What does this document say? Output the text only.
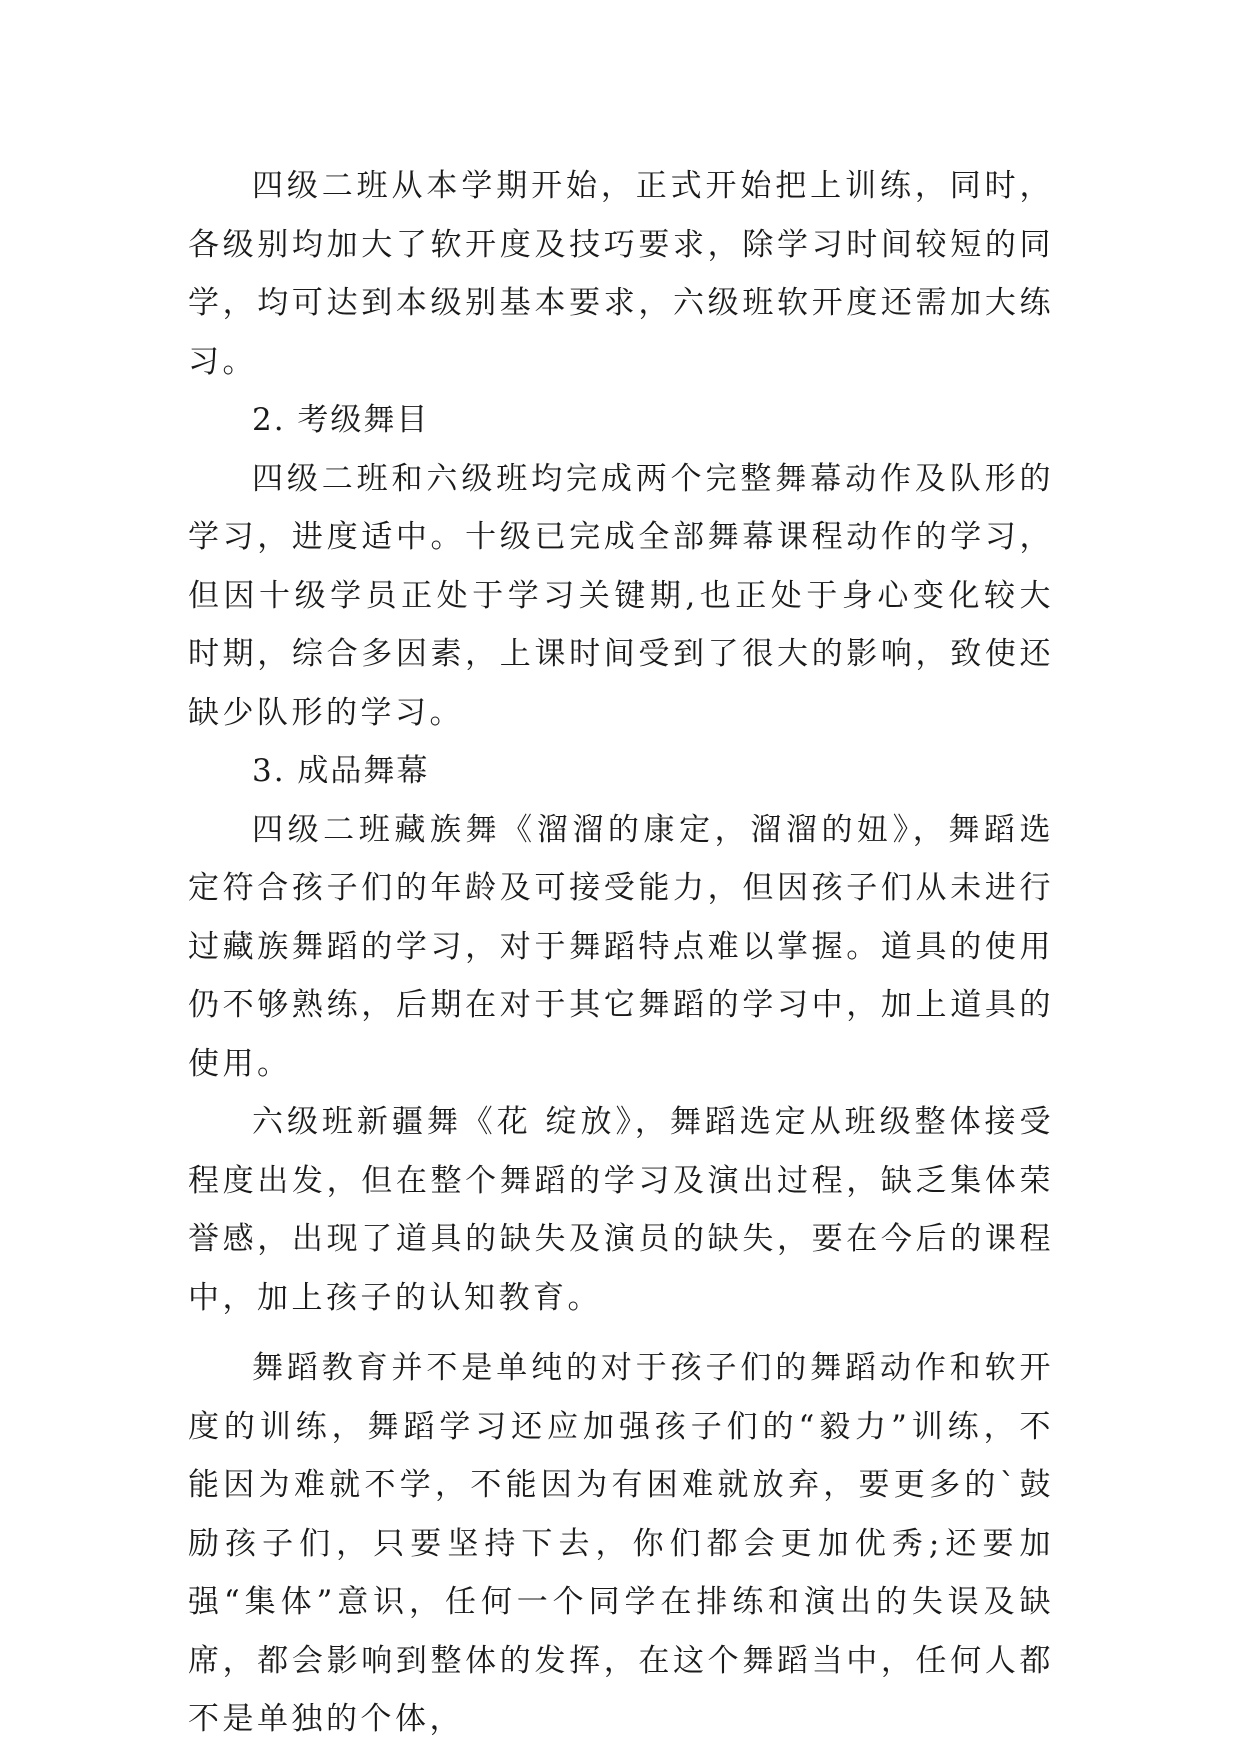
四级二班从本学期开始，正式开始把上训练，同时，各级别均加大了软开度及技巧要求，除学习时间较短的同学，均可达到本级别基本要求，六级班软开度还需加大练习。

2. 考级舞目

四级二班和六级班均完成两个完整舞幕动作及队形的学习，进度适中。十级已完成全部舞幕课程动作的学习，但因十级学员正处于学习关键期,也正处于身心变化较大时期，综合多因素，上课时间受到了很大的影响，致使还缺少队形的学习。

3. 成品舞幕

四级二班藏族舞《溜溜的康定，溜溜的妞》，舞蹈选定符合孩子们的年龄及可接受能力，但因孩子们从未进行过藏族舞蹈的学习，对于舞蹈特点难以掌握。道具的使用仍不够熟练，后期在对于其它舞蹈的学习中，加上道具的使用。

六级班新疆舞《花 绽放》，舞蹈选定从班级整体接受程度出发，但在整个舞蹈的学习及演出过程，缺乏集体荣誉感，出现了道具的缺失及演员的缺失，要在今后的课程中，加上孩子的认知教育。

舞蹈教育并不是单纯的对于孩子们的舞蹈动作和软开度的训练，舞蹈学习还应加强孩子们的“毅力”训练，不能因为难就不学，不能因为有困难就放弃，要更多的`鼓励孩子们，只要坚持下去，你们都会更加优秀;还要加强“集体”意识，任何一个同学在排练和演出的失误及缺席，都会影响到整体的发挥，在这个舞蹈当中，任何人都不是单独的个体，
